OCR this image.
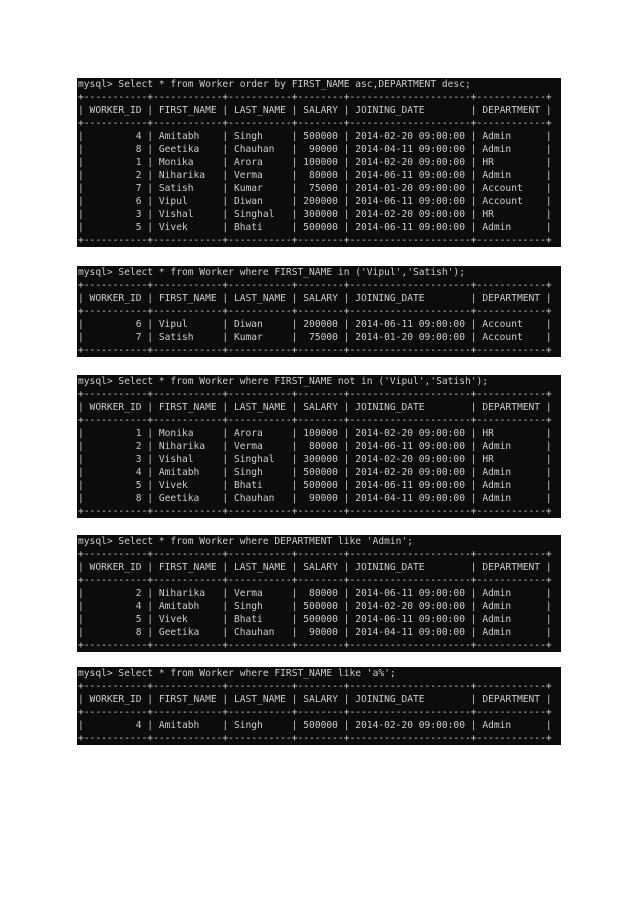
mysql> Select * from Worker order by FIRST_NAME asc,DEPARTMENT desc;
+-----------+------------+-----------+--------+---------------------+------------+
| WORKER_ID | FIRST_NAME | LAST_NAME | SALARY | JOINING_DATE        | DEPARTMENT |
+-----------+------------+-----------+--------+---------------------+------------+
|         4 | Amitabh    | Singh     | 500000 | 2014-02-20 09:00:00 | Admin      |
|         8 | Geetika    | Chauhan   |  90000 | 2014-04-11 09:00:00 | Admin      |
|         1 | Monika     | Arora     | 100000 | 2014-02-20 09:00:00 | HR         |
|         2 | Niharika   | Verma     |  80000 | 2014-06-11 09:00:00 | Admin      |
|         7 | Satish     | Kumar     |  75000 | 2014-01-20 09:00:00 | Account    |
|         6 | Vipul      | Diwan     | 200000 | 2014-06-11 09:00:00 | Account    |
|         3 | Vishal     | Singhal   | 300000 | 2014-02-20 09:00:00 | HR         |
|         5 | Vivek      | Bhati     | 500000 | 2014-06-11 09:00:00 | Admin      |
+-----------+------------+-----------+--------+---------------------+------------+
mysql> Select * from Worker where FIRST_NAME in ('Vipul','Satish');
+-----------+------------+-----------+--------+---------------------+------------+
| WORKER_ID | FIRST_NAME | LAST_NAME | SALARY | JOINING_DATE        | DEPARTMENT |
+-----------+------------+-----------+--------+---------------------+------------+
|         6 | Vipul      | Diwan     | 200000 | 2014-06-11 09:00:00 | Account    |
|         7 | Satish     | Kumar     |  75000 | 2014-01-20 09:00:00 | Account    |
+-----------+------------+-----------+--------+---------------------+------------+
mysql> Select * from Worker where FIRST_NAME not in ('Vipul','Satish');
+-----------+------------+-----------+--------+---------------------+------------+
| WORKER_ID | FIRST_NAME | LAST_NAME | SALARY | JOINING_DATE        | DEPARTMENT |
+-----------+------------+-----------+--------+---------------------+------------+
|         1 | Monika     | Arora     | 100000 | 2014-02-20 09:00:00 | HR         |
|         2 | Niharika   | Verma     |  80000 | 2014-06-11 09:00:00 | Admin      |
|         3 | Vishal     | Singhal   | 300000 | 2014-02-20 09:00:00 | HR         |
|         4 | Amitabh    | Singh     | 500000 | 2014-02-20 09:00:00 | Admin      |
|         5 | Vivek      | Bhati     | 500000 | 2014-06-11 09:00:00 | Admin      |
|         8 | Geetika    | Chauhan   |  90000 | 2014-04-11 09:00:00 | Admin      |
+-----------+------------+-----------+--------+---------------------+------------+
mysql> Select * from Worker where DEPARTMENT like 'Admin';
+-----------+------------+-----------+--------+---------------------+------------+
| WORKER_ID | FIRST_NAME | LAST_NAME | SALARY | JOINING_DATE        | DEPARTMENT |
+-----------+------------+-----------+--------+---------------------+------------+
|         2 | Niharika   | Verma     |  80000 | 2014-06-11 09:00:00 | Admin      |
|         4 | Amitabh    | Singh     | 500000 | 2014-02-20 09:00:00 | Admin      |
|         5 | Vivek      | Bhati     | 500000 | 2014-06-11 09:00:00 | Admin      |
|         8 | Geetika    | Chauhan   |  90000 | 2014-04-11 09:00:00 | Admin      |
+-----------+------------+-----------+--------+---------------------+------------+
mysql> Select * from Worker where FIRST_NAME like 'a%';
+-----------+------------+-----------+--------+---------------------+------------+
| WORKER_ID | FIRST_NAME | LAST_NAME | SALARY | JOINING_DATE        | DEPARTMENT |
+-----------+------------+-----------+--------+---------------------+------------+
|         4 | Amitabh    | Singh     | 500000 | 2014-02-20 09:00:00 | Admin      |
+-----------+------------+-----------+--------+---------------------+------------+
